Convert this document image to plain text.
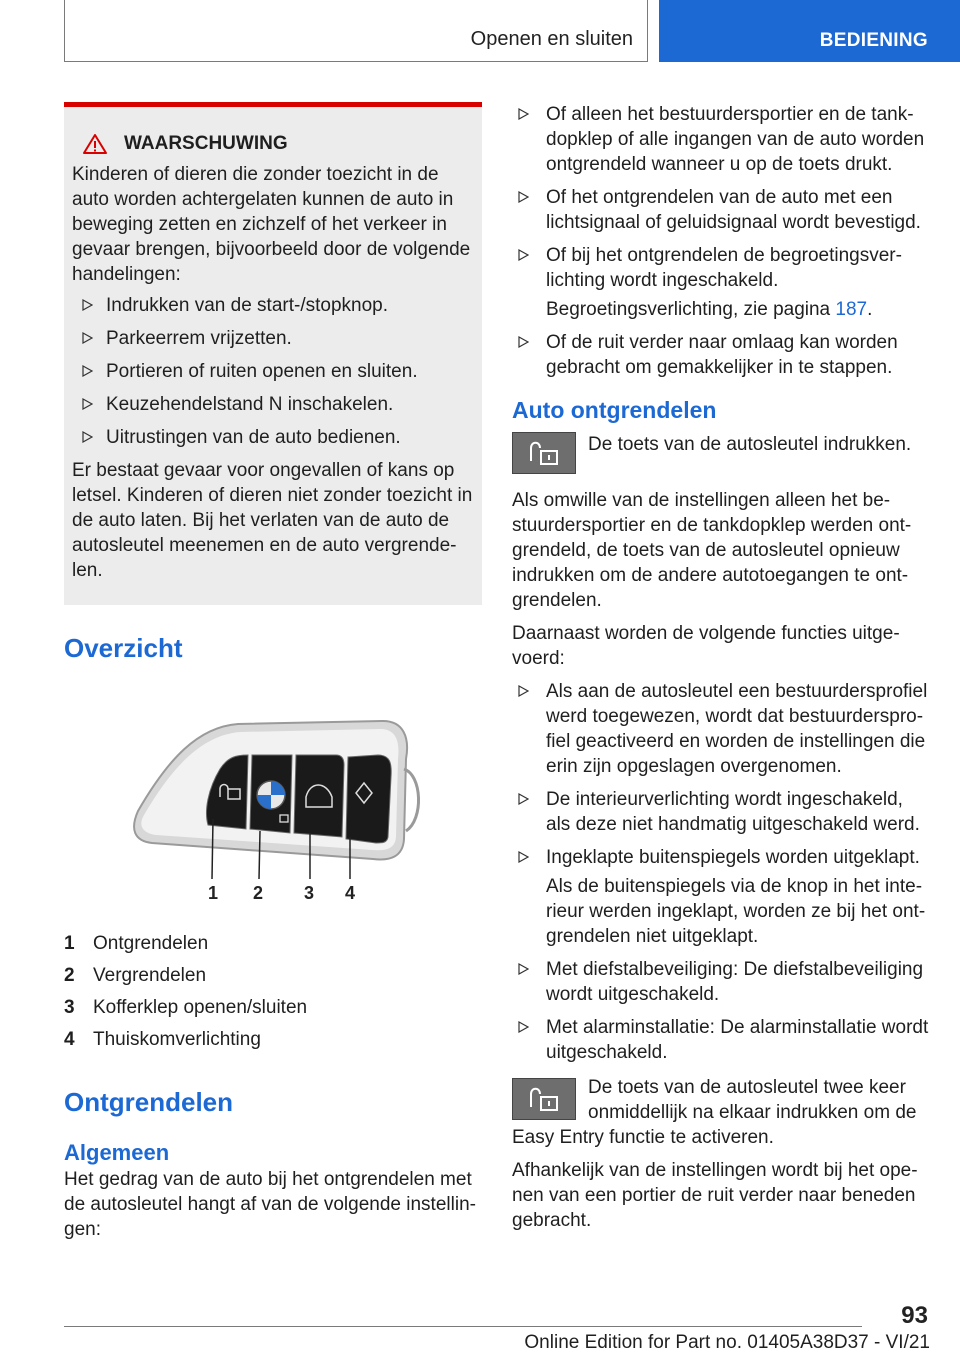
Openen en sluiten	BEDIENING
WAARSCHUWING

Kinderen of dieren die zonder toezicht in de auto worden achtergelaten kunnen de auto in beweging zetten en zichzelf of het verkeer in gevaar brengen, bijvoorbeeld door de volgende handelingen:

Indrukken van de start-/stopknop.
Parkeerrem vrijzetten.
Portieren of ruiten openen en sluiten.
Keuzehendelstand N inschakelen.
Uitrustingen van de auto bedienen.

Er bestaat gevaar voor ongevallen of kans op letsel. Kinderen of dieren niet zonder toezicht in de auto laten. Bij het verlaten van de auto de autosleutel meenemen en de auto vergrendelen.

Overzicht
1 2 3 4
1 Ontgrendelen
2 Vergrendelen
3 Kofferklep openen/sluiten
4 Thuiskomverlichting
Ontgrendelen
Algemeen

Het gedrag van de auto bij het ontgrendelen met de autosleutel hangt af van de volgende instellingen:

Of alleen het bestuurdersportier en de tankdopklep of alle ingangen van de auto worden ontgrendeld wanneer u op de toets drukt.
Of het ontgrendelen van de auto met een lichtsignaal of geluidsignaal wordt bevestigd.
Of bij het ontgrendelen de begroetingsverlichting wordt ingeschakeld.

Begroetingsverlichting, zie pagina 187.

Of de ruit verder naar omlaag kan worden gebracht om gemakkelijker in te stappen.
Auto ontgrendelen
De toets van de autosleutel indrukken.

Als omwille van de instellingen alleen het bestuurdersportier en de tankdopklep werden ontgrendeld, de toets van de autosleutel opnieuw indrukken om de andere autotoegangen te ontgrendelen.

Daarnaast worden de volgende functies uitgevoerd:

Als aan de autosleutel een bestuurdersprofiel werd toegewezen, wordt dat bestuurdersprofiel geactiveerd en worden de instellingen die erin zijn opgeslagen overgenomen.
De interieurverlichting wordt ingeschakeld, als deze niet handmatig uitgeschakeld werd.
Ingeklapte buitenspiegels worden uitgeklapt.

Als de buitenspiegels via de knop in het interieur werden ingeklapt, worden ze bij het ontgrendelen niet uitgeklapt.

Met diefstalbeveiliging: De diefstalbeveiliging wordt uitgeschakeld.
Met alarminstallatie: De alarminstallatie wordt uitgeschakeld.

De toets van de autosleutel twee keer onmiddellijk na elkaar indrukken om de Easy Entry functie te activeren.

Afhankelijk van de instellingen wordt bij het openen van een portier de ruit verder naar beneden gebracht.

93
Online Edition for Part no. 01405A38D37 - VI/21
